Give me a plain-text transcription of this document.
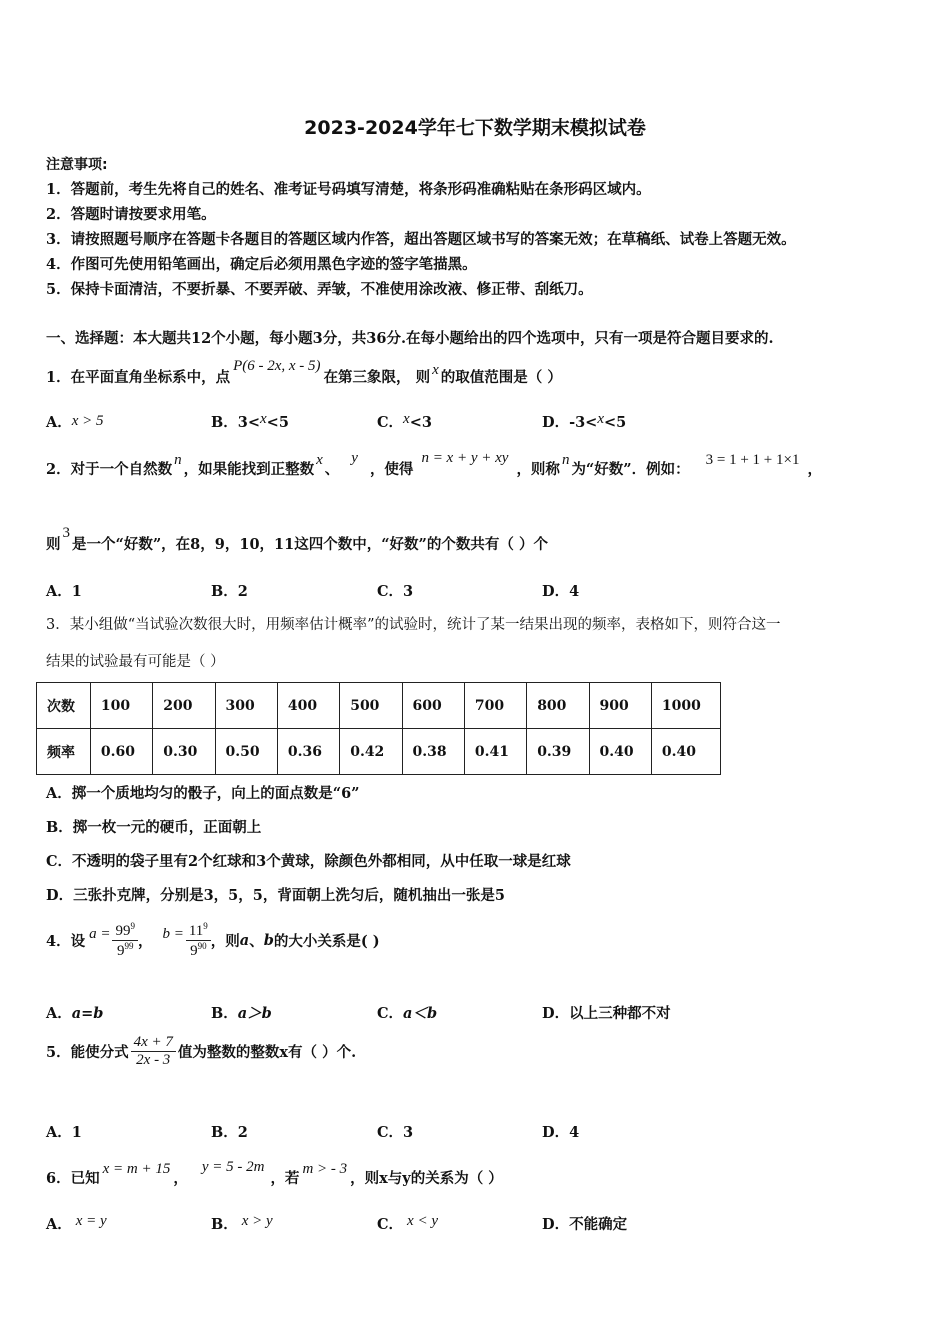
2023-2024学年七下数学期末模拟试卷
注意事项:
1．答题前，考生先将自己的姓名、准考证号码填写清楚，将条形码准确粘贴在条形码区域内。
2．答题时请按要求用笔。
3．请按照题号顺序在答题卡各题目的答题区域内作答，超出答题区域书写的答案无效；在草稿纸、试卷上答题无效。
4．作图可先使用铅笔画出，确定后必须用黑色字迹的签字笔描黑。
5．保持卡面清洁，不要折暴、不要弄破、弄皱，不准使用涂改液、修正带、刮纸刀。
一、选择题：本大题共12个小题，每小题3分，共36分.在每小题给出的四个选项中，只有一项是符合题目要求的.
1．在平面直角坐标系中，点P(6 - 2x, x - 5)在第三象限， 则 x 的取值范围是（ ）
A．x > 5	B．3<x<5	C．x<3	D．-3<x<5
2．对于一个自然数n，如果能找到正整数x、y，使得n = x + y + xy，则称n为“好数”．例如：3 = 1 + 1 + 1×1，
则3是一个“好数”，在8，9，10，11这四个数中，“好数”的个数共有（ ）个
A．1	B．2	C．3	D．4
3．某小组做“当试验次数很大时，用频率估计概率”的试验时，统计了某一结果出现的频率，表格如下，则符合这一
结果的试验最有可能是（ ）
次数	100	200	300	400	500	600	700	800	900	1000
频率	0.60	0.30	0.50	0.36	0.42	0.38	0.41	0.39	0.40	0.40
A．掷一个质地均匀的骰子，向上的面点数是“6”
B．掷一枚一元的硬币，正面朝上
C．不透明的袋子里有2个红球和3个黄球，除颜色外都相同，从中任取一球是红球
D．三张扑克牌，分别是3，5，5，背面朝上洗匀后，随机抽出一张是5
4．设 $a = \frac{99^9}{9^{99}}$ ， $b = \frac{11^9}{9^{90}}$ ，则 a 、 b 的大小关系是( )
A．a=b	B．a＞b	C．a＜b	D．以上三种都不对
5．能使分式 $\frac{4x + 7}{2x - 3}$ 值为整数的整数x有（ ）个.
A．1	B．2	C．3	D．4
6．已知x = m + 15，y = 5 - 2m，若m > - 3，则x与y的关系为（ ）
A． x = y	B． x > y	C． x < y	D．不能确定
